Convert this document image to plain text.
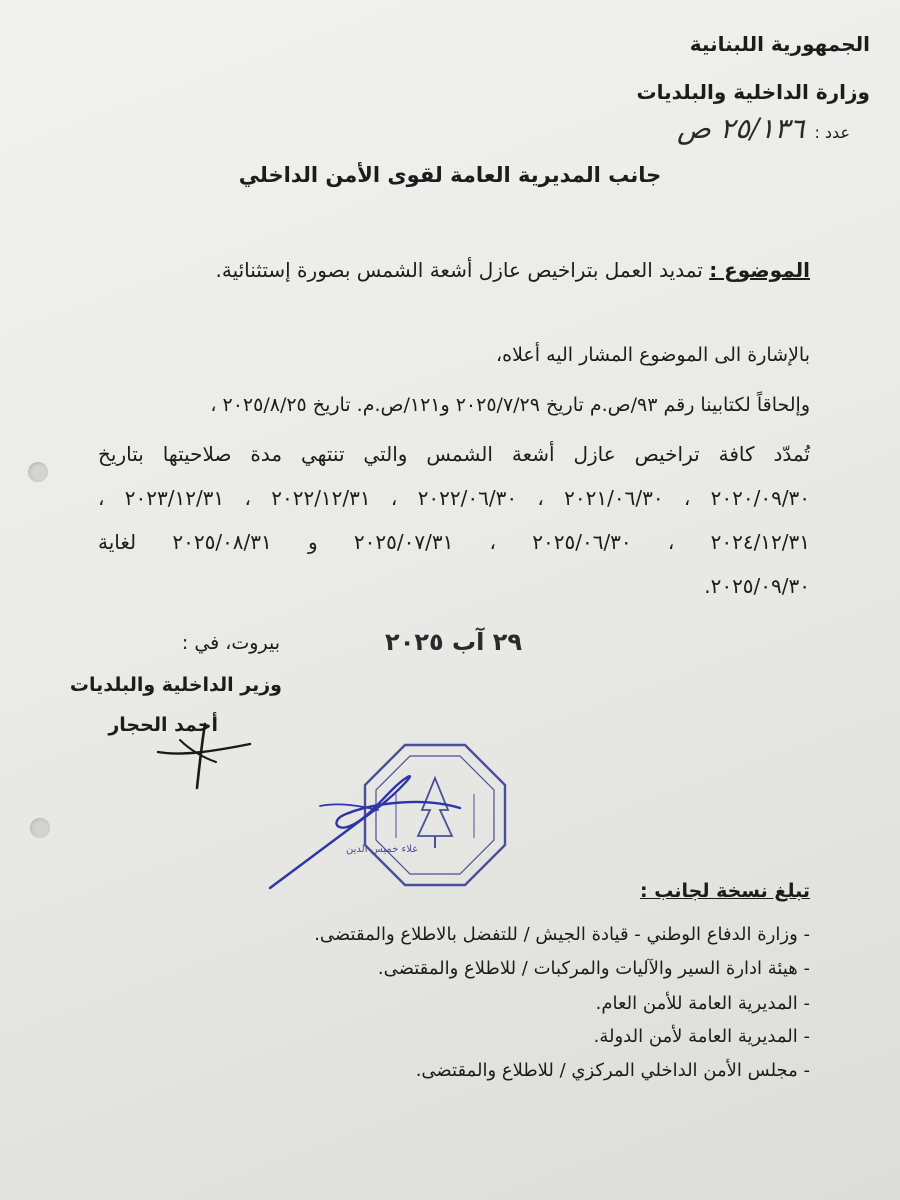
الجمهورية اللبنانية
وزارة الداخلية والبلديات
عدد :
٢٥/١٣٦ ص
جانب المديرية العامة لقوى الأمن الداخلي
الموضوع : تمديد العمل بتراخيص عازل أشعة الشمس بصورة إستثنائية.
بالإشارة الى الموضوع المشار اليه أعلاه،
وإلحاقاً لكتابينا رقم ٩٣/ص.م تاريخ ٢٠٢٥/٧/٢٩ و١٢١/ص.م. تاريخ ٢٠٢٥/٨/٢٥ ،
تُمدّد كافة تراخيص عازل أشعة الشمس والتي تنتهي مدة صلاحيتها بتاريخ
٢٠٢٠/٠٩/٣٠ ، ٢٠٢١/٠٦/٣٠ ، ٢٠٢٢/٠٦/٣٠ ، ٢٠٢٢/١٢/٣١ ، ٢٠٢٣/١٢/٣١ ،
٢٠٢٤/١٢/٣١ ، ٢٠٢٥/٠٦/٣٠ ، ٢٠٢٥/٠٧/٣١ و ٢٠٢٥/٠٨/٣١ لغاية
٢٠٢٥/٠٩/٣٠.
بيروت، في :	٢٩ آب ٢٠٢٥
وزير الداخلية والبلديات
أحمد الحجار
علاء خميس الدين
تبلغ نسخة لجانب :
- وزارة الدفاع الوطني - قيادة الجيش / للتفضل بالاطلاع والمقتضى.
- هيئة ادارة السير والآليات والمركبات / للاطلاع والمقتضى.
- المديرية العامة للأمن العام.
- المديرية العامة لأمن الدولة.
- مجلس الأمن الداخلي المركزي / للاطلاع والمقتضى.
